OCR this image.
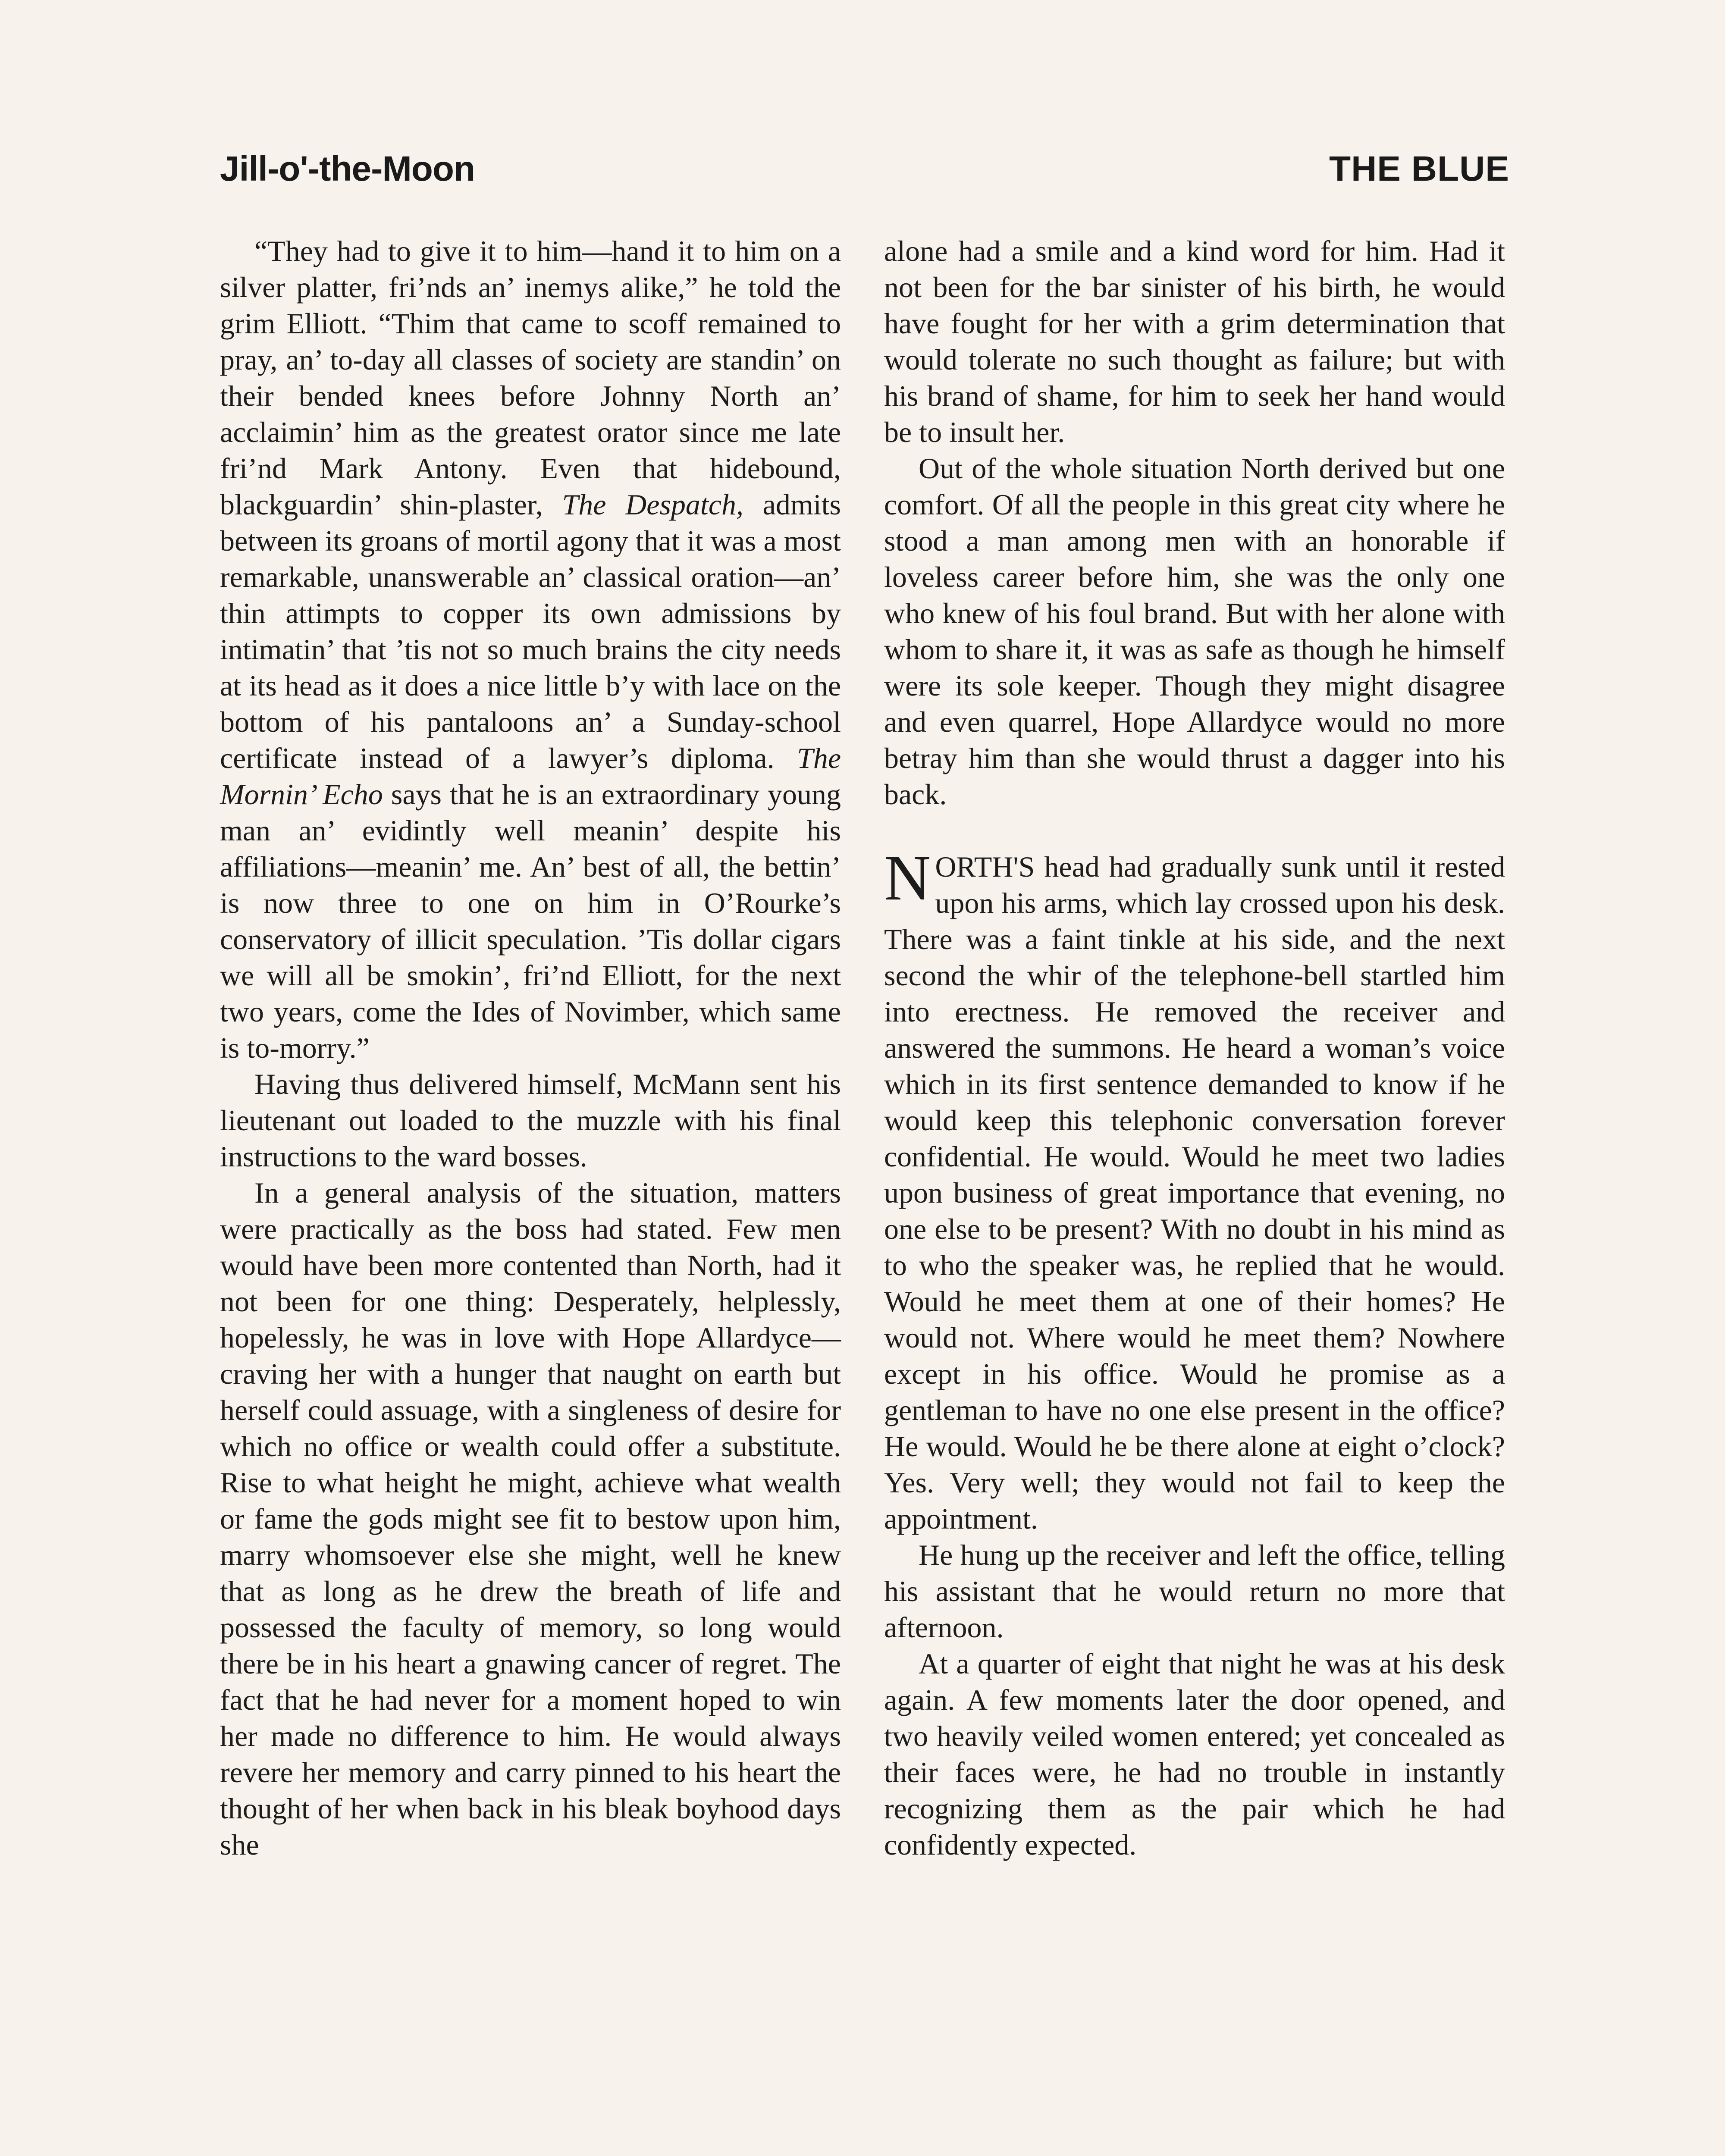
Jill-o'-the-Moon	THE BLUE

“They had to give it to him—hand it to him on a silver platter, fri’nds an’ inemys alike,” he told the grim Elliott. “Thim that came to scoff remained to pray, an’ to-day all classes of society are standin’ on their bended knees before Johnny North an’ acclaimin’ him as the greatest orator since me late fri’nd Mark Antony. Even that hidebound, blackguardin’ shin-plaster, The Despatch, admits between its groans of mortil agony that it was a most remarkable, unanswerable an’ classical oration—an’ thin attimpts to copper its own admissions by intimatin’ that ’tis not so much brains the city needs at its head as it does a nice little b’y with lace on the bottom of his pantaloons an’ a Sunday-school certificate instead of a lawyer’s diploma. The Mornin’ Echo says that he is an extraordinary young man an’ evidintly well meanin’ despite his affiliations—meanin’ me. An’ best of all, the bettin’ is now three to one on him in O’Rourke’s conservatory of illicit speculation. ’Tis dollar cigars we will all be smokin’, fri’nd Elliott, for the next two years, come the Ides of Novimber, which same is to-morry.”

Having thus delivered himself, McMann sent his lieutenant out loaded to the muzzle with his final instructions to the ward bosses.

In a general analysis of the situation, matters were practically as the boss had stated. Few men would have been more contented than North, had it not been for one thing: Desperately, helplessly, hopelessly, he was in love with Hope Allardyce—craving her with a hunger that naught on earth but herself could assuage, with a singleness of desire for which no office or wealth could offer a substitute. Rise to what height he might, achieve what wealth or fame the gods might see fit to bestow upon him, marry whomsoever else she might, well he knew that as long as he drew the breath of life and possessed the faculty of memory, so long would there be in his heart a gnawing cancer of regret. The fact that he had never for a moment hoped to win her made no difference to him. He would always revere her memory and carry pinned to his heart the thought of her when back in his bleak boyhood days she

alone had a smile and a kind word for him. Had it not been for the bar sinister of his birth, he would have fought for her with a grim determination that would tolerate no such thought as failure; but with his brand of shame, for him to seek her hand would be to insult her.

Out of the whole situation North derived but one comfort. Of all the people in this great city where he stood a man among men with an honorable if loveless career before him, she was the only one who knew of his foul brand. But with her alone with whom to share it, it was as safe as though he himself were its sole keeper. Though they might disagree and even quarrel, Hope Allardyce would no more betray him than she would thrust a dagger into his back.

NORTH'S head had gradually sunk until it rested upon his arms, which lay crossed upon his desk. There was a faint tinkle at his side, and the next second the whir of the telephone-bell startled him into erectness. He removed the receiver and answered the summons. He heard a woman’s voice which in its first sentence demanded to know if he would keep this telephonic conversation forever confidential. He would. Would he meet two ladies upon business of great importance that evening, no one else to be present? With no doubt in his mind as to who the speaker was, he replied that he would. Would he meet them at one of their homes? He would not. Where would he meet them? Nowhere except in his office. Would he promise as a gentleman to have no one else present in the office? He would. Would he be there alone at eight o’clock? Yes. Very well; they would not fail to keep the appointment.

He hung up the receiver and left the office, telling his assistant that he would return no more that afternoon.

At a quarter of eight that night he was at his desk again. A few moments later the door opened, and two heavily veiled women entered; yet concealed as their faces were, he had no trouble in instantly recognizing them as the pair which he had confidently expected.
